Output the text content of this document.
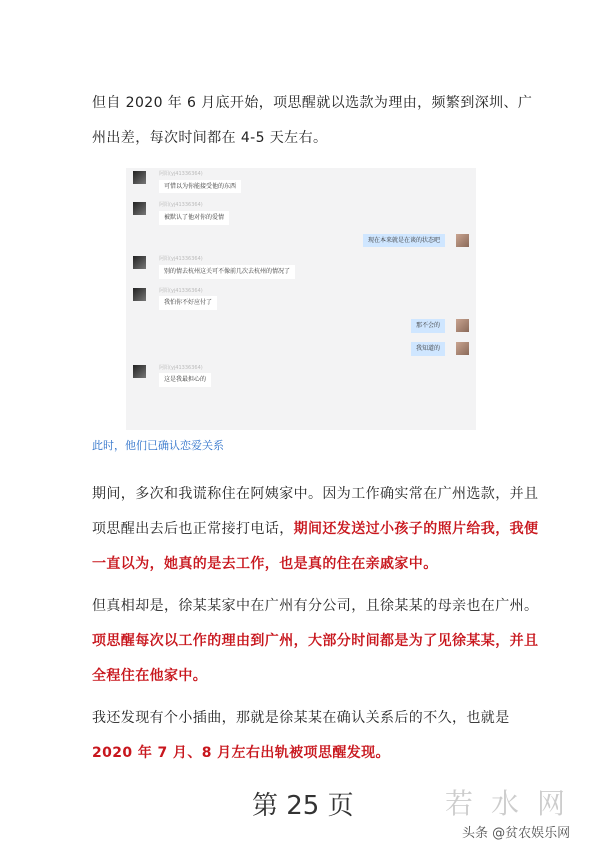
但自 2020 年 6 月底开始，项思醒就以选款为理由，频繁到深圳、广州出差，每次时间都在 4-5 天左右。

阿阳(yj41336364)
可惜以为你能接受他的东西
阿阳(yj41336364)
被默认了他对你的爱情
现在本来就是在谈的状态吧
阿阳(yj41336364)
别的情去杭州这关可不像前几次去杭州的情况了
阿阳(yj41336364)
我怕你不好应付了
那不会的
我知道的
阿阳(yj41336364)
这是我最担心的
此时，他们已确认恋爱关系

期间，多次和我谎称住在阿姨家中。因为工作确实常在广州选款，并且项思醒出去后也正常接打电话，期间还发送过小孩子的照片给我，我便一直以为，她真的是去工作，也是真的住在亲戚家中。

但真相却是，徐某某家中在广州有分公司，且徐某某的母亲也在广州。项思醒每次以工作的理由到广州，大部分时间都是为了见徐某某，并且全程住在他家中。

我还发现有个小插曲，那就是徐某某在确认关系后的不久，也就是 2020 年 7 月、8 月左右出轨被项思醒发现。

第 25 页	若水网
头条 @贫农娱乐网
